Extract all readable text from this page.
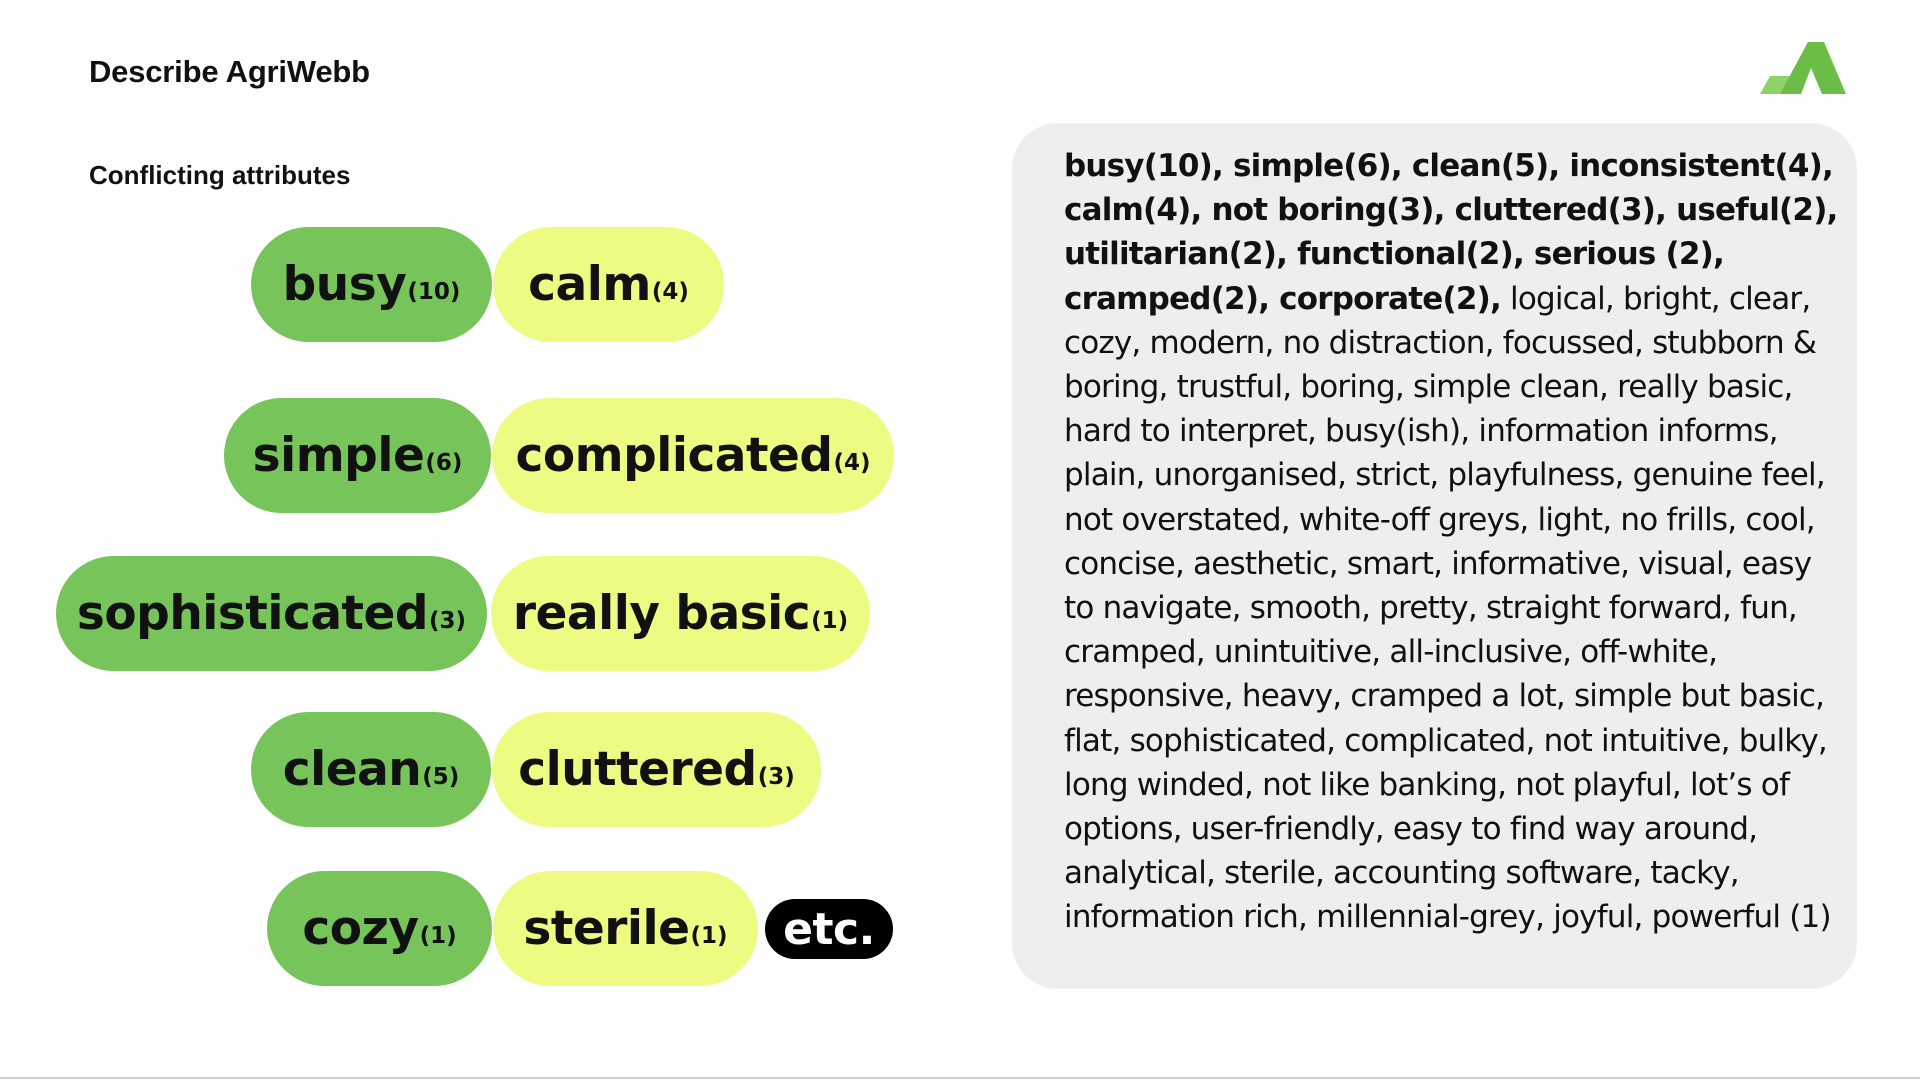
Describe AgriWebb
Conflicting attributes
busy (10) calm (4)
simple (6) complicated (4)
sophisticated (3) really basic (1)
clean (5) cluttered (3)
cozy (1) sterile (1)	etc.
busy(10), simple(6), clean(5), inconsistent(4), calm(4), not boring(3), cluttered(3), useful(2), utilitarian(2), functional(2), serious (2), cramped(2), corporate(2), logical, bright, clear, cozy, modern, no distraction, focussed, stubborn & boring, trustful, boring, simple clean, really basic, hard to interpret, busy(ish), information informs, plain, unorganised, strict, playfulness, genuine feel, not overstated, white-off greys, light, no frills, cool, concise, aesthetic, smart, informative, visual, easy to navigate, smooth, pretty, straight forward, fun, cramped, unintuitive, all-inclusive, off-white, responsive, heavy, cramped a lot, simple but basic, flat, sophisticated, complicated, not intuitive, bulky, long winded, not like banking, not playful, lot’s of options, user-friendly, easy to find way around, analytical, sterile, accounting software, tacky, information rich, millennial-grey, joyful, powerful (1)
